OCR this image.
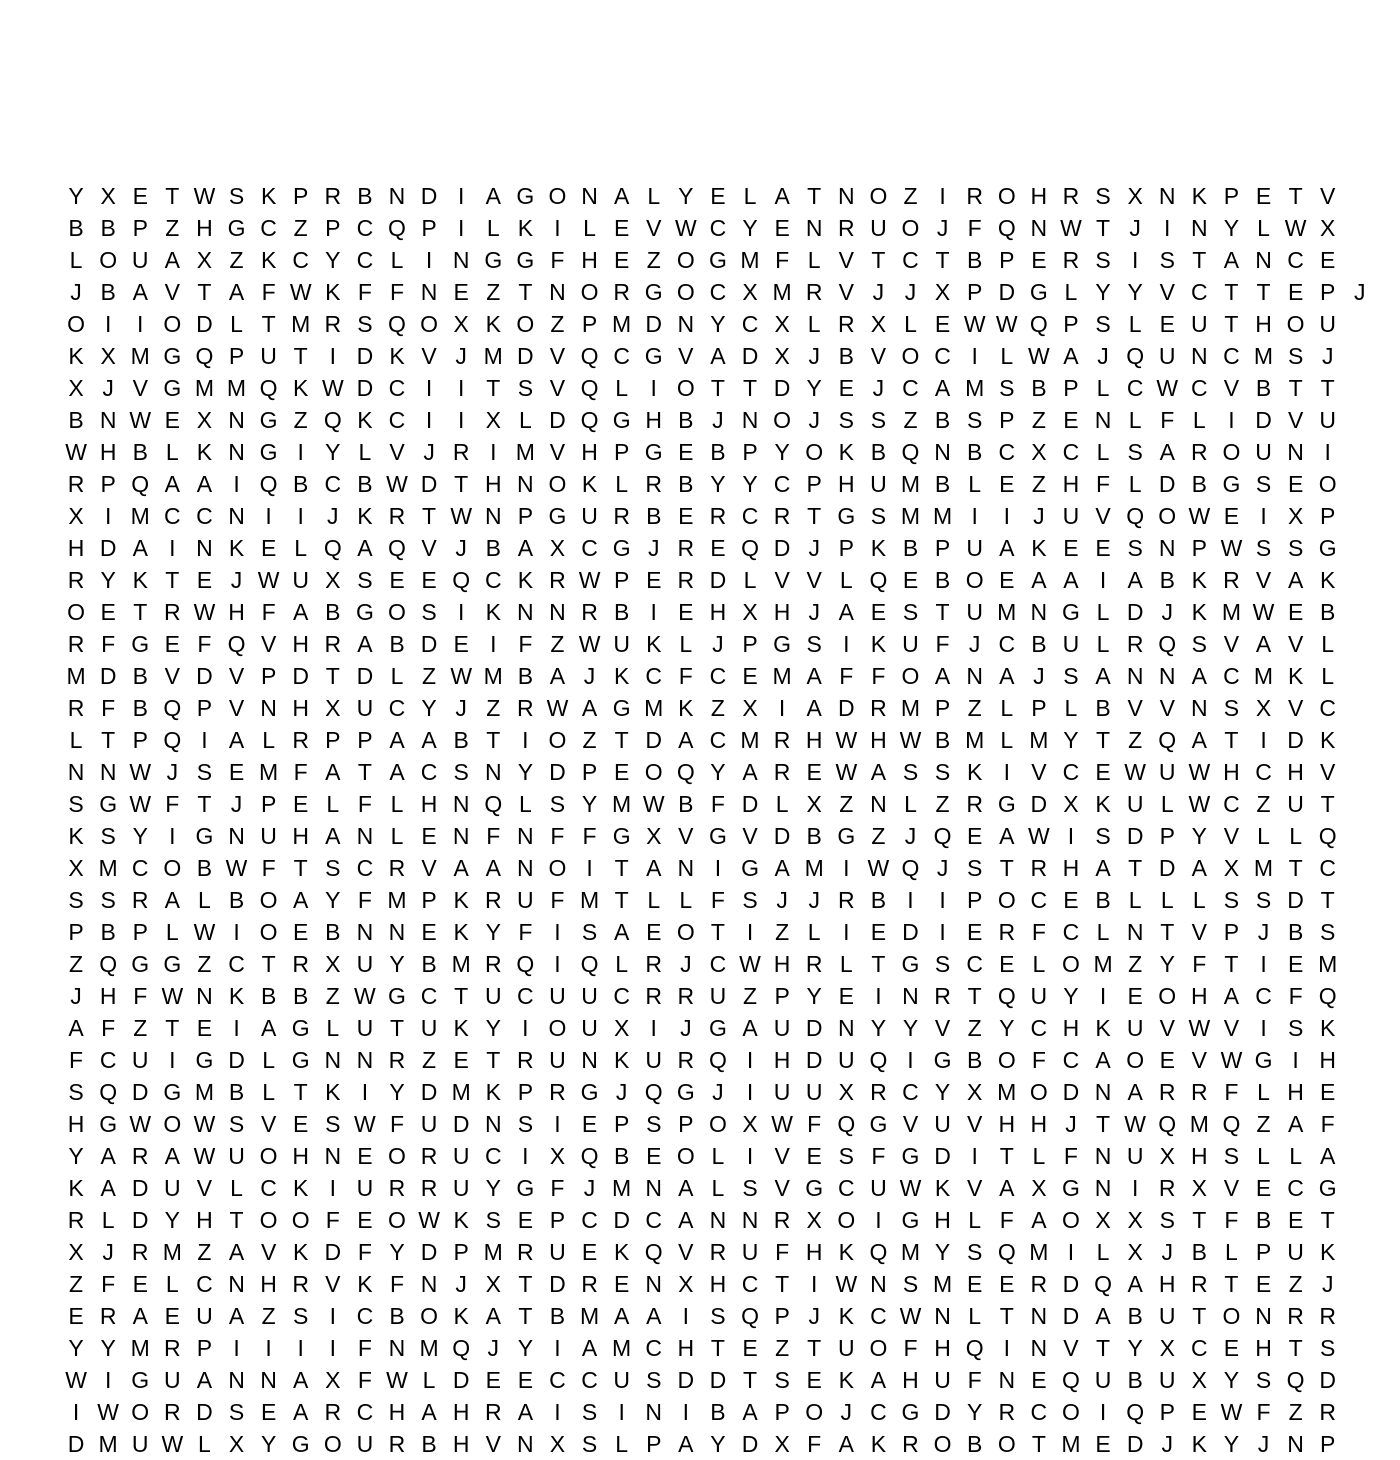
Y X E T W S K P R B N D I A G O N A L Y E L A T N O Z I R O H R S X N K P E T V
B B P Z H G C Z P C Q P I L K I L E V W C Y E N R U O J F Q N W T J	I N Y L W X
L O U A X Z K C Y C L I N G G F H E Z O G M F L V T C T B P E R S I S T A N C E
J B A V T A F W K F F N E Z T N O R G O C X M R V J J X P D G L Y Y V C T T E P J
O I	I O D L T M R S Q O X K O Z P M D N Y C X L R X L E W W Q P S L E U T H O U
K X M G Q P U T I D K V J M D V Q C G V A D X J B V O C I L W A J Q U N C M S J
X J V G M M Q K W D C I	I T S V Q L I O T T D Y E J C A M S B P L C W C V B T T
B N W E X N G Z Q K C I	I X L D Q G H B J N O J S S Z B S P Z E N L F L I D V U
W H B L K N G I Y L V J R I M V H P G E B P Y O K B Q N B C X C L S A R O U N I
R P Q A A I Q B C B W D T H N O K L R B Y Y C P H U M B L E Z H F L D B G S E O
X I M C C N I	I	J K R T W N P G U R B E R C R T G S M M I	I	J U V Q O W E I X P
H D A I N K E L Q A Q V J B A X C G J R E Q D J P K B P U A K E E S N P W S S G
R Y K T E J W U X S E E Q C K R W P E R D L V V L Q E B O E A A I A B K R V A K
O E T R W H F A B G O S I K N N R B I E H X H J A E S T U M N G L D J K M W E B
R F G E F Q V H R A B D E I F Z W U K L J P G S I K U F J C B U L R Q S V A V L
M D B V D V P D T D L Z W M B A J K C F C E M A F F O A N A J S A N N A C M K L
R F B Q P V N H X U C Y J Z R W A G M K Z X I A D R M P Z L P L B V V N S X V C
L T P Q I A L R P P A A B T I O Z T D A C M R H W H W B M L M Y T Z Q A T I D K
N N W J S E M F A T A C S N Y D P E O Q Y A R E W A S S K I V C E W U W H C H V
S G W F T J P E L F L H N Q L S Y M W B F D L X Z N L Z R G D X K U L W C Z U T
K S Y I G N U H A N L E N F N F F G X V G V D B G Z J Q E A W I S D P Y V L L Q
X M C O B W F T S C R V A A N O I T A N I G A M I W Q J S T R H A T D A X M T C
S S R A L B O A Y F M P K R U F M T L L F S J J R B I	I P O C E B L L L S S D T
P B P L W I O E B N N E K Y F I S A E O T I Z L I E D I E R F C L N T V P J B S
Z Q G G Z C T R X U Y B M R Q I Q L R J C W H R L T G S C E L O M Z Y F T I E M
J H F W N K B B Z W G C T U C U U C R R U Z P Y E I N R T Q U Y I E O H A C F Q
A F Z T E I A G L U T U K Y I O U X I	J G A U D N Y Y V Z Y C H K U V W V I S K
F C U I G D L G N N R Z E T R U N K U R Q I H D U Q I G B O F C A O E V W G I H
S Q D G M B L T K I Y D M K P R G J Q G J	I U U X R C Y X M O D N A R R F L H E
H G W O W S V E S W F U D N S I E P S P O X W F Q G V U V H H J T W Q M Q Z A F
Y A R A W U O H N E O R U C I X Q B E O L I V E S F G D I T L F N U X H S L L A
K A D U V L C K I U R R U Y G F J M N A L S V G C U W K V A X G N I R X V E C G
R L D Y H T O O F E O W K S E P C D C A N N R X O I G H L F A O X X S T F B E T
X J R M Z A V K D F Y D P M R U E K Q V R U F H K Q M Y S Q M I L X J B L P U K
Z F E L C N H R V K F N J X T D R E N X H C T I W N S M E E R D Q A H R T E Z J
E R A E U A Z S I C B O K A T B M A A I S Q P J K C W N L T N D A B U T O N R R
Y Y M R P I	I	I	I F N M Q J Y I A M C H T E Z T U O F H Q I N V T Y X C E H T S
W I G U A N N A X F W L D E E C C U S D D T S E K A H U F N E Q U B U X Y S Q D
I W O R D S E A R C H A H R A I S I N I B A P O J C G D Y R C O I Q P E W F Z R
D M U W L X Y G O U R B H V N X S L P A Y D X F A K R O B O T M E D J K Y J N P
